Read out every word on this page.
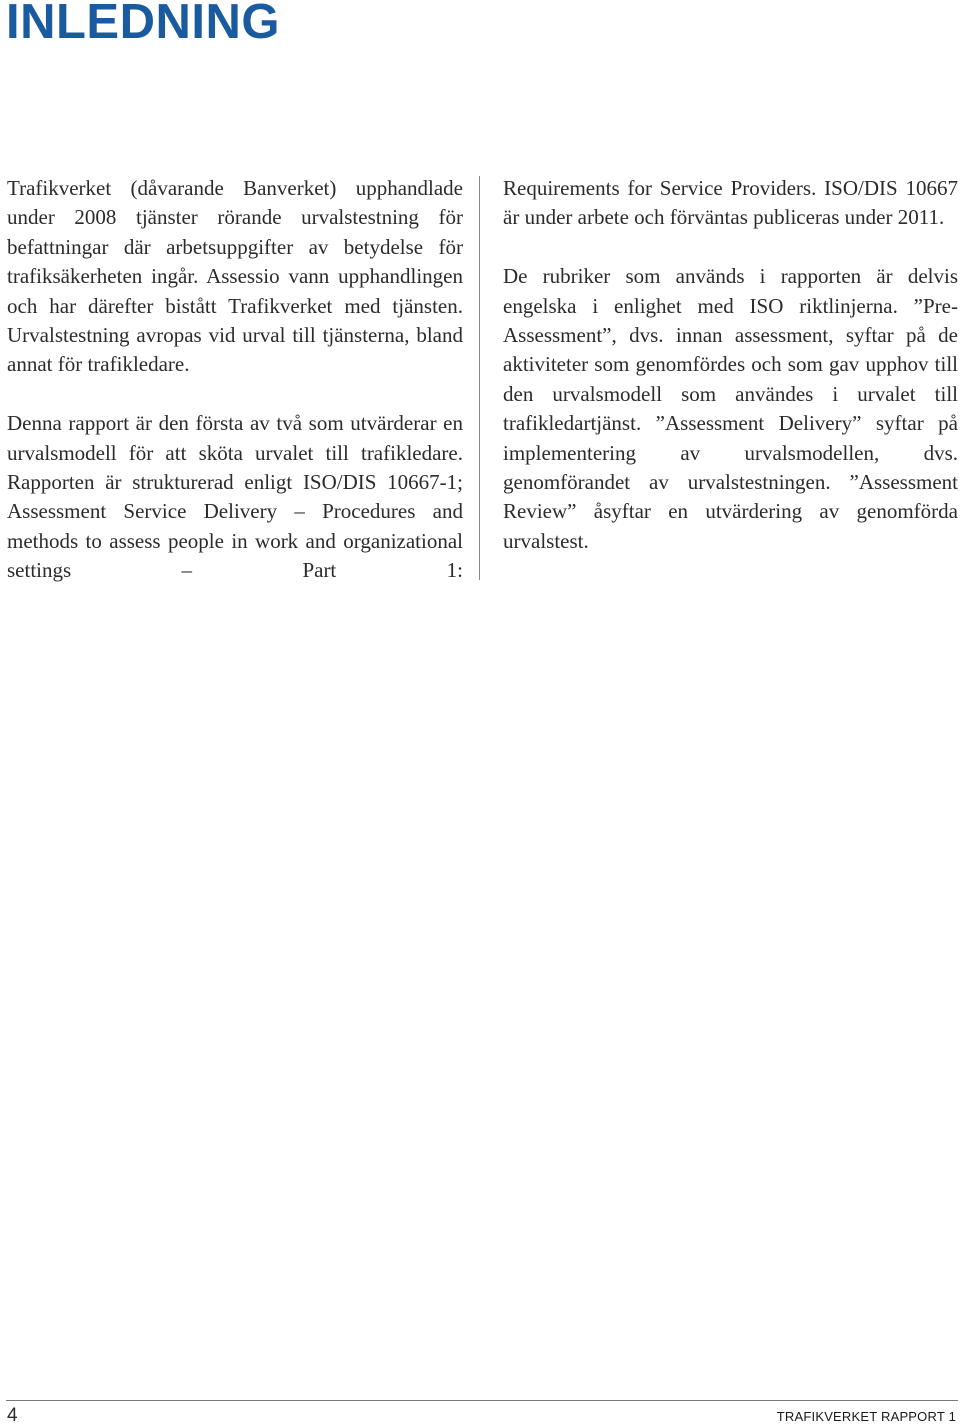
INLEDNING

Trafikverket (dåvarande Banverket) upphandlade under 2008 tjänster rörande urvalstestning för befattningar där arbetsuppgifter av betydelse för trafiksäkerheten ingår. Assessio vann upphandlingen och har därefter bistått Trafikverket med tjänsten. Urvalstestning avropas vid urval till tjänsterna, bland annat för trafikledare.

Denna rapport är den första av två som utvärderar en urvalsmodell för att sköta urvalet till trafikledare. Rapporten är strukturerad enligt ISO/DIS 10667-1; Assessment Service Delivery – Procedures and methods to assess people in work and organizational settings – Part 1:

Requirements for Service Providers. ISO/DIS 10667 är under arbete och förväntas publiceras under 2011.

De rubriker som används i rapporten är delvis engelska i enlighet med ISO riktlinjerna. ”Pre-Assessment”, dvs. innan assessment, syftar på de aktiviteter som genomfördes och som gav upphov till den urvalsmodell som användes i urvalet till trafikledartjänst. ”Assessment Delivery” syftar på implementering av urvalsmodellen, dvs. genomförandet av urvalstestningen. ”Assessment Review” åsyftar en utvärdering av genomförda urvalstest.

4	TRAFIKVERKET RAPPORT 1
